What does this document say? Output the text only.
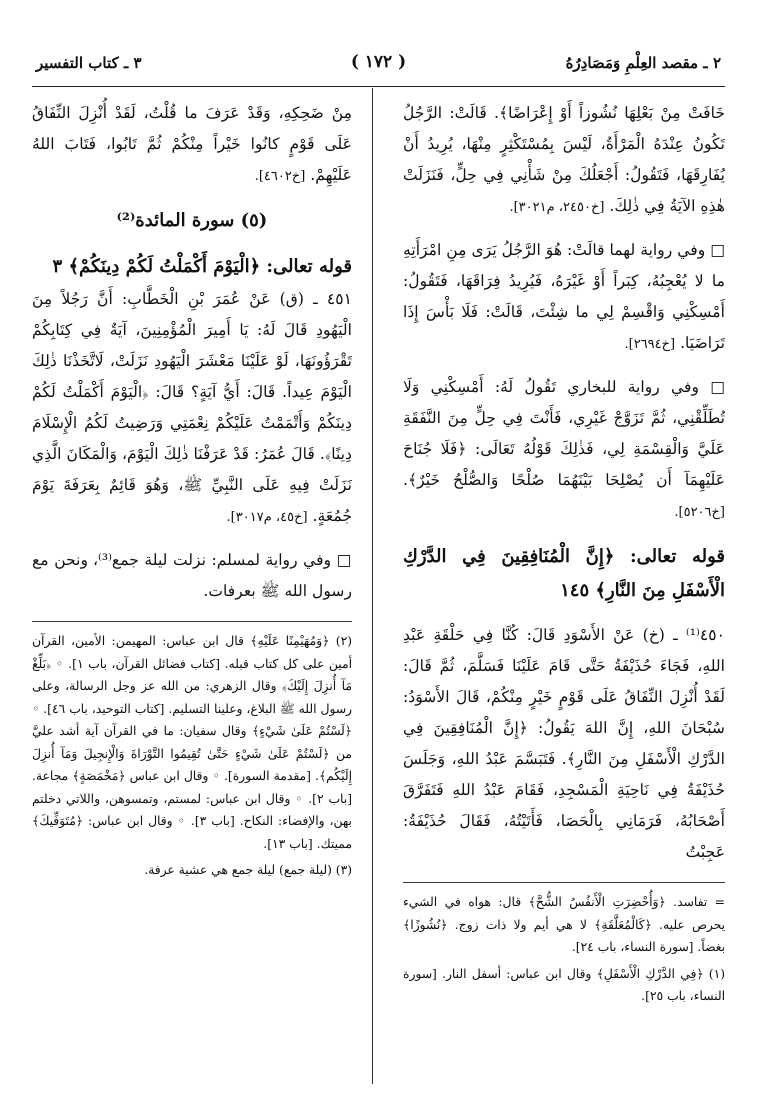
٢ ـ مقصد العِلْمِ وَمَصَادِرُهُ
( ١٧٢ )
٣ ـ كتاب التفسير

خَافَتْ مِنْ بَعْلِهَا نُشُوزاً أَوْ إِعْرَاضًا﴾. قَالَتْ: الرَّجُلُ تَكُونُ عِنْدَهُ الْمَرْأَةُ، لَيْسَ بِمُسْتَكْثِرٍ مِنْهَا، يُرِيدُ أَنْ يُفَارِقَهَا، فَتَقُولُ: أَجْعَلُكَ مِنْ شَأْنِي فِي حِلٍّ، فَنَزَلَتْ هٰذِهِ الآيَةُ فِي ذٰلِكَ. [خ٢٤٥٠، م٣٠٢١].

□ وفي رواية لهما قالَتْ: هُوَ الرَّجُلُ يَرَى مِنِ امْرَأَتِهِ ما لا يُعْجِبُهُ، كِبَراً أَوْ غَيْرَهُ، فَيُرِيدُ فِرَاقَهَا، فَتَقُولُ: أَمْسِكْنِي وَاقْسِمْ لِي ما شِئْتَ، قَالَتْ: فَلَا بَأْسَ إِذَا تَرَاضَيَا. [خ٢٦٩٤].

□ وفي رواية للبخاري تَقُولُ لَهُ: أَمْسِكْنِي وَلَا تُطَلِّقْنِي، ثُمَّ تَزَوَّجْ غَيْرِي، فَأَنْتَ فِي حِلٍّ مِنَ النَّفَقَةِ عَلَيَّ وَالْقِسْمَةِ لِي، فَذٰلِكَ قَوْلُهُ تَعَالَى: ﴿فَلَا جُنَاحَ عَلَيْهِمَآ أَن يُصْلِحَا بَيْنَهُمَا صُلْحًا وَالصُّلْحُ خَيْرٌ﴾. [خ٥٢٠٦].

قوله تعالى: ﴿إِنَّ الْمُنَافِقِينَ فِي الدَّرْكِ الْأَسْفَلِ مِنَ النَّارِ﴾ ١٤٥

٤٥٠⁽¹⁾ ـ (خ) عَنْ الأَسْوَدِ قَالَ: كُنَّا فِي حَلْقَةِ عَبْدِ اللهِ، فَجَاءَ حُذَيْفَةُ حَتَّى قَامَ عَلَيْنَا فَسَلَّمَ، ثُمَّ قَالَ: لَقَدْ أُنْزِلَ النِّفَاقُ عَلَى قَوْمٍ خَيْرٍ مِنْكُمْ، قَالَ الأَسْوَدُ: سُبْحَانَ اللهِ، إِنَّ اللهَ يَقُولُ: ﴿إِنَّ الْمُنَافِقِينَ فِي الدَّرْكِ الْأَسْفَلِ مِنَ النَّارِ﴾. فَتَبَسَّمَ عَبْدُ اللهِ، وَجَلَسَ حُذَيْفَةُ فِي نَاحِيَةِ الْمَسْجِدِ، فَقَامَ عَبْدُ اللهِ فَتَفَرَّقَ أَصْحَابُهُ، فَرَمَانِي بِالْحَصَا، فَأَتَيْتُهُ، فَقَالَ حُذَيْفَةُ: عَجِبْتُ

= تفاسد. ﴿وَأُحْضِرَتِ الْأَنفُسُ الشُّحَّ﴾ قال: هواه في الشيء يحرص عليه. ﴿كَالْمُعَلَّقَةِ﴾ لا هي أيم ولا ذات زوج. ﴿نُشُوزًا﴾ بغضاً. [سورة النساء، باب ٢٤].

(١) ﴿فِي الدَّرْكِ الْأَسْفَلِ﴾ وقال ابن عباس: أسفل النار. [سورة النساء، باب ٢٥].

مِنْ ضَحِكِهِ، وَقَدْ عَرَفَ ما قُلْتُ، لَقَدْ أُنْزِلَ النِّفَاقُ عَلَى قَوْمٍ كانُوا خَيْراً مِنْكُمْ ثُمَّ تَابُوا، فَتَابَ اللهُ عَلَيْهِمْ. [خ٤٦٠٢].

(٥) سورة المائدة⁽²⁾

قوله تعالى: ﴿الْيَوْمَ أَكْمَلْتُ لَكُمْ دِينَكُمْ﴾ ٣

٤٥١ ـ (ق) عَنْ عُمَرَ بْنِ الْخَطَّابِ: أَنَّ رَجُلاً مِنَ الْيَهُودِ قَالَ لَهُ: يَا أَمِيرَ الْمُؤْمِنِينَ، آيَةٌ فِي كِتَابِكُمْ تَقْرَؤُونَهَا، لَوْ عَلَيْنَا مَعْشَرَ الْيَهُودِ نَزَلَتْ، لَاتَّخَذْنَا ذٰلِكَ الْيَوْمَ عِيداً. قَالَ: أَيُّ آيَةٍ؟ قَالَ: ﴿الْيَوْمَ أَكْمَلْتُ لَكُمْ دِينَكُمْ وَأَتْمَمْتُ عَلَيْكُمْ نِعْمَتِي وَرَضِيتُ لَكُمُ الْإِسْلَامَ دِينًا﴾. قَالَ عُمَرُ: قَدْ عَرَفْنَا ذٰلِكَ الْيَوْمَ، وَالْمَكَانَ الَّذِي نَزَلَتْ فِيهِ عَلَى النَّبِيِّ ﷺ، وَهُوَ قَائِمٌ بِعَرَفَةَ يَوْمَ جُمُعَةٍ. [خ٤٥، م٣٠١٧].

□ وفي رواية لمسلم: نزلت ليلة جمع⁽³⁾، ونحن مع رسول الله ﷺ بعرفات.

(٢) ﴿وَمُهَيْمِنًا عَلَيْهِ﴾ قال ابن عباس: المهيمن: الأمين، القرآن أمين على كل كتاب قبله. [كتاب فضائل القرآن، باب ١]. ◦ ﴿بَلِّغْ مَآ أُنزِلَ إِلَيْكَ﴾ وقال الزهري: من الله عز وجل الرسالة، وعلى رسول الله ﷺ البلاغ، وعلينا التسليم. [كتاب التوحيد، باب ٤٦]. ◦ ﴿لَسْتُمْ عَلَىٰ شَيْءٍ﴾ وقال سفيان: ما في القرآن آية أشد عليَّ من ﴿لَسْتُمْ عَلَىٰ شَيْءٍ حَتَّىٰ تُقِيمُوا التَّوْرَاةَ وَالْإِنجِيلَ وَمَآ أُنزِلَ إِلَيْكُم﴾. [مقدمة السورة]. ◦ وقال ابن عباس ﴿مَخْمَصَةٍ﴾ مجاعة. [باب ٢]. ◦ وقال ابن عباس: لمستم، وتمسوهن، واللاتي دخلتم بهن، والإفضاء: النكاح. [باب ٣]. ◦ وقال ابن عباس: ﴿مُتَوَفِّيكَ﴾ مميتك. [باب ١٣].

(٣) (ليلة جمع) ليلة جمع هي عشية عرفة.
